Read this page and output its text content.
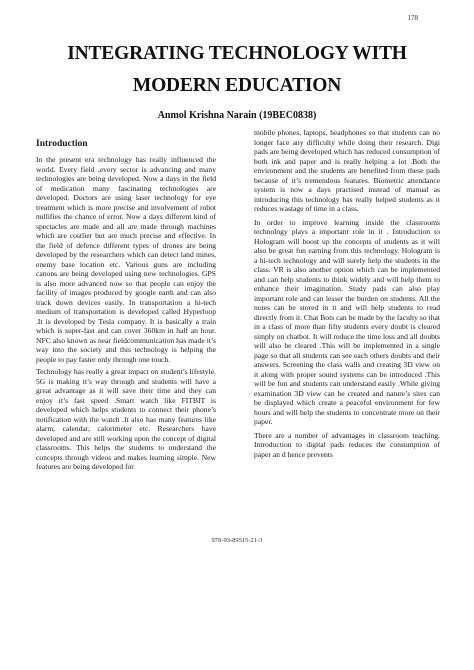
178
INTEGRATING TECHNOLOGY WITH
MODERN EDUCATION
Anmol Krishna Narain (19BEC0838)
Introduction

In the present era technology has really influenced the world. Every field ,every sector is advancing and many technologies are being developed. Now a days in the field of medication many fascinating technologies are developed. Doctors are using laser technology for eye treatment which is more precise and involvement of robot nullifies the chance of error. Now a days different kind of spectacles are made and all are made through machines which are costlier but are much precise and effective. In the field of defence different types of drones are being developed by the researchers which can detect land mines, enemy base location etc. Various guns are including canons are being developed using new technologies. GPS is also more advanced now so that people can enjoy the facility of images produced by google earth and can also track down devices easily. In transportation a hi-tech medium of transportation is developed called Hyperloop .It is developed by Tesla company. It is basically a train which is super-fast and can cover 360km in half an hour. NFC also known as near fieldcommunication has made it’s way into the society and this technology is helping the people to pay faster only through one touch.

Technology has really a great impact on student’s lifestyle. 5G is making it’s way through and students will have a great advantage as it will save their time and they can enjoy it’s fast speed .Smart watch like FITBIT is developed which helps students to connect their phone’s notification with the watch .It also has many features like alarm, calendar, calorimeter etc. Researchers have developed and are still working upon the concept of digital classrooms. This helps the students to understand the concepts through videos and makes learning simple. New features are being developed for

mobile phones, laptops, headphones so that students can no longer face any difficulty while doing their research. Digi pads are being developed which has reduced consumption of both ink and paper and is really helping a lot .Both the environment and the students are benefited from these pads because of it’s tremendous features. Biometric attendance system is now a days practised instead of manual as introducing this technology has really helped students as it reduces wastage of time in a class.

In order to improve learning inside the classrooms technology plays a important role in it . Introduction to Hologram will boost up the concepts of students as it will also be great fun earning from this technology. Hologram is a hi-tech technology and will surely help the students in the class. VR is also another option which can be implemented and can help students to think widely and will help them to enhance their imagination. Study pads can also play important role and can lesser the burden on students. All the notes can be stored in it and will help students to read directly from it. Chat Bots can be made by the faculty so that in a class of more than fifty students every doubt is cleared simply on chatbot. It will reduce the time loss and all doubts will also be cleared .This will be implemented in a single page so that all students can see each others doubts and their answers. Screening the class walls and creating 3D view on it along with proper sound systems can be introduced .This will be fun and students can understand easily .While giving examination 3D view can be created and nature’s sites can be displayed which create a peaceful environment for few hours and will help the students to concentrate more on their paper.

There are a number of advantages in classroom teaching. Introduction to digital pads reduces the consumption of paper an d hence prevents

978-93-89515-21-3
